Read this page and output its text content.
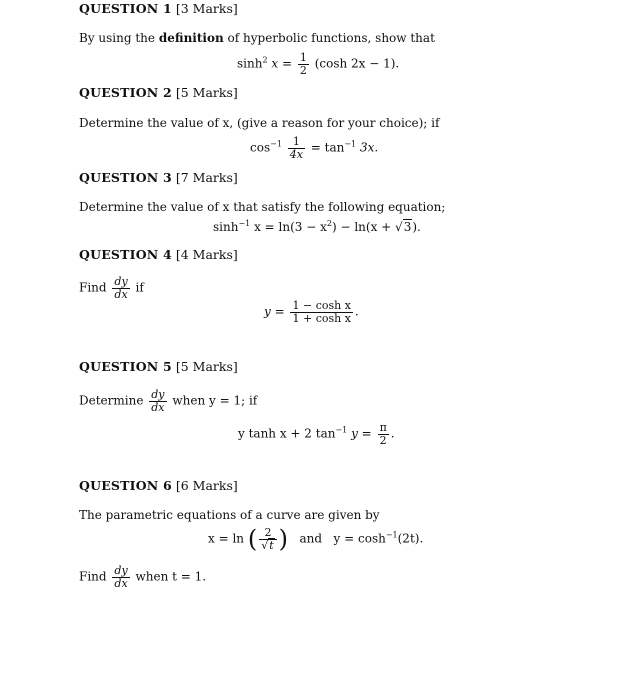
QUESTION 1 [3 Marks]
By using the definition of hyperbolic functions, show that
$\sinh^2 x = \frac{1}{2} (\cosh$ 2x − 1).
QUESTION 2 [5 Marks]
Determine the value of x, (give a reason for your choice); if
$\cos^{-1} \frac{1}{4x} = \tan^{-1} 3x$.
QUESTION 3 [7 Marks]
Determine the value of x that satisfy the following equation;
$\sinh^{-1} x = \ln(3 - x^2) - \ln(x + √3)$.
QUESTION 4 [4 Marks]
Find $\frac{dy}{dx}$ if
$y = \frac{\text{1 − cosh x}}{\text{1 + cosh x}}$ .
QUESTION 5 [5 Marks]
Determine $\frac{dy}{dx}$ when y = 1; if
y tanh x + 2 $\tan^{-1} y = \frac{\pi}{2}$ .
QUESTION 6 [6 Marks]
The parametric equations of a curve are given by
x = ln ( $\frac{2}{√t}$ ) and $y = \cosh^{-1}(2t)$.
Find $\frac{dy}{dx}$ when t = 1.
